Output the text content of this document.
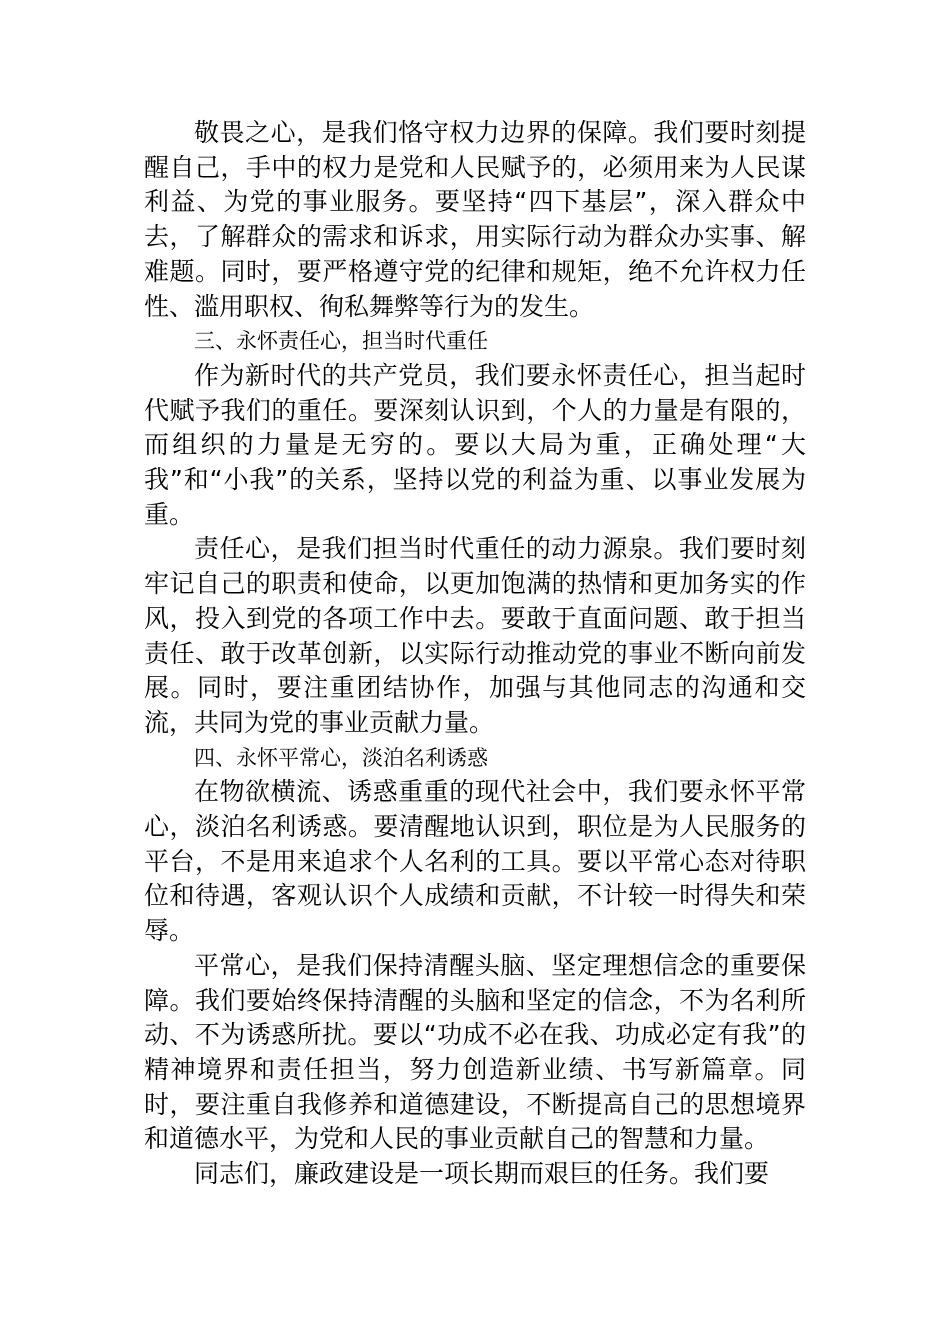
敬畏之心，是我们恪守权力边界的保障。我们要时刻提醒自己，手中的权力是党和人民赋予的，必须用来为人民谋利益、为党的事业服务。要坚持“四下基层”，深入群众中去，了解群众的需求和诉求，用实际行动为群众办实事、解难题。同时，要严格遵守党的纪律和规矩，绝不允许权力任性、滥用职权、徇私舞弊等行为的发生。

三、永怀责任心，担当时代重任

作为新时代的共产党员，我们要永怀责任心，担当起时代赋予我们的重任。要深刻认识到，个人的力量是有限的，而组织的力量是无穷的。要以大局为重，正确处理“大我”和“小我”的关系，坚持以党的利益为重、以事业发展为重。

责任心，是我们担当时代重任的动力源泉。我们要时刻牢记自己的职责和使命，以更加饱满的热情和更加务实的作风，投入到党的各项工作中去。要敢于直面问题、敢于担当责任、敢于改革创新，以实际行动推动党的事业不断向前发展。同时，要注重团结协作，加强与其他同志的沟通和交流，共同为党的事业贡献力量。

四、永怀平常心，淡泊名利诱惑

在物欲横流、诱惑重重的现代社会中，我们要永怀平常心，淡泊名利诱惑。要清醒地认识到，职位是为人民服务的平台，不是用来追求个人名利的工具。要以平常心态对待职位和待遇，客观认识个人成绩和贡献，不计较一时得失和荣辱。

平常心，是我们保持清醒头脑、坚定理想信念的重要保障。我们要始终保持清醒的头脑和坚定的信念，不为名利所动、不为诱惑所扰。要以“功成不必在我、功成必定有我”的精神境界和责任担当，努力创造新业绩、书写新篇章。同时，要注重自我修养和道德建设，不断提高自己的思想境界和道德水平，为党和人民的事业贡献自己的智慧和力量。

同志们，廉政建设是一项长期而艰巨的任务。我们要
